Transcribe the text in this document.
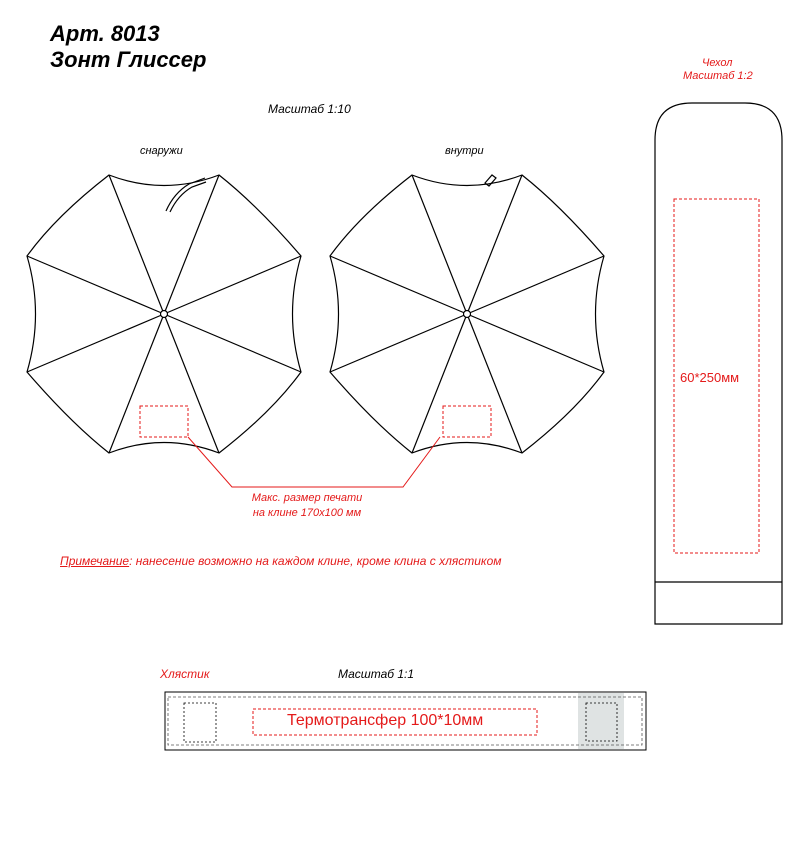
Арт. 8013
Зонт Глиссер
Масштаб 1:10
снаружи	внутри
Макс. размер печати
на клине 170х100 мм
Примечание: нанесение возможно на каждом клине, кроме клина с хлястиком
Чехол
Масштаб 1:2
60*250мм
Хлястик	Масштаб 1:1
Термотрансфер 100*10мм
